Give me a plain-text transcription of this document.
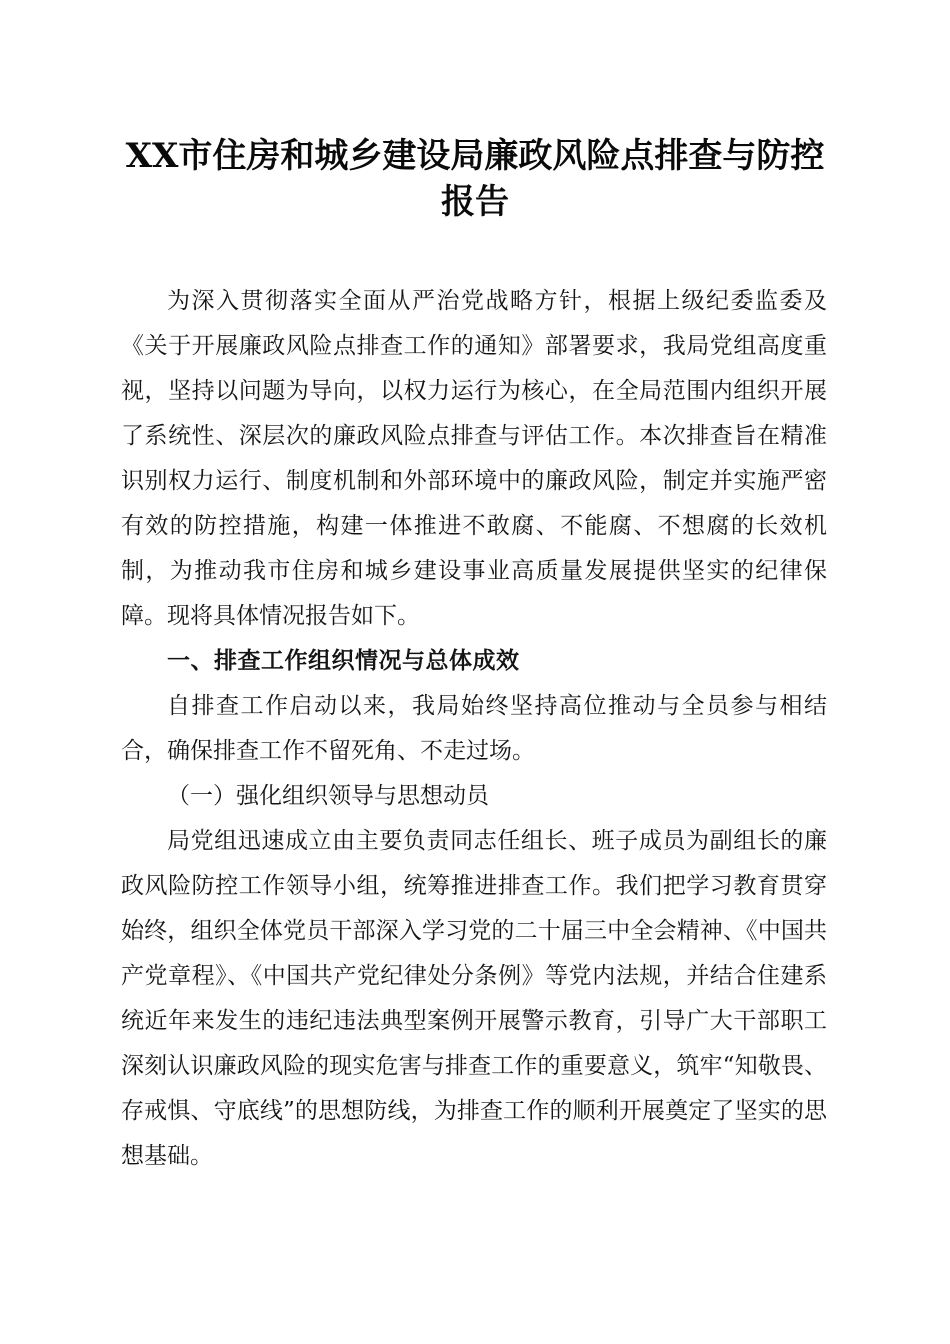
XX市住房和城乡建设局廉政风险点排查与防控报告

为深入贯彻落实全面从严治党战略方针，根据上级纪委监委及《关于开展廉政风险点排查工作的通知》部署要求，我局党组高度重视，坚持以问题为导向，以权力运行为核心，在全局范围内组织开展了系统性、深层次的廉政风险点排查与评估工作。本次排查旨在精准识别权力运行、制度机制和外部环境中的廉政风险，制定并实施严密有效的防控措施，构建一体推进不敢腐、不能腐、不想腐的长效机制，为推动我市住房和城乡建设事业高质量发展提供坚实的纪律保障。现将具体情况报告如下。

一、排查工作组织情况与总体成效

自排查工作启动以来，我局始终坚持高位推动与全员参与相结合，确保排查工作不留死角、不走过场。

（一）强化组织领导与思想动员

局党组迅速成立由主要负责同志任组长、班子成员为副组长的廉政风险防控工作领导小组，统筹推进排查工作。我们把学习教育贯穿始终，组织全体党员干部深入学习党的二十届三中全会精神、《中国共产党章程》、《中国共产党纪律处分条例》等党内法规，并结合住建系统近年来发生的违纪违法典型案例开展警示教育，引导广大干部职工深刻认识廉政风险的现实危害与排查工作的重要意义，筑牢“知敬畏、存戒惧、守底线”的思想防线，为排查工作的顺利开展奠定了坚实的思想基础。
